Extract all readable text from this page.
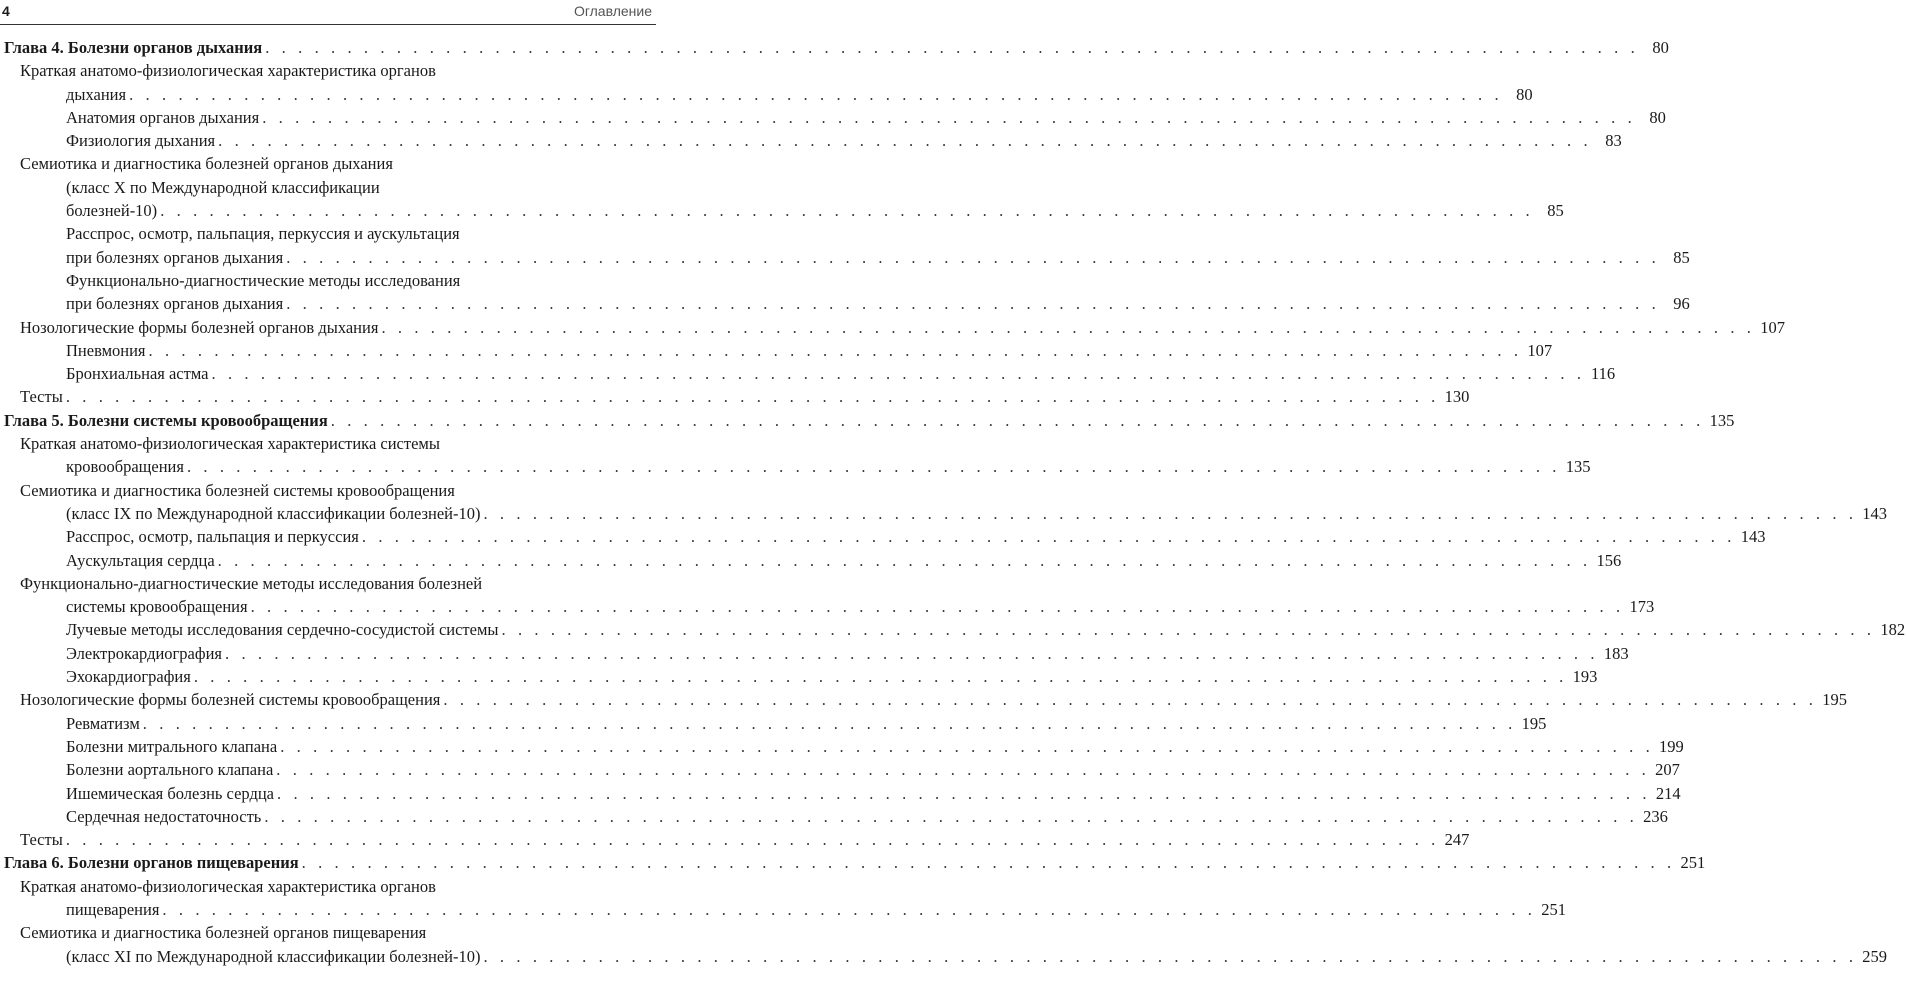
4	Оглавление
Глава 4. Болезни органов дыхания . . . . . . . . . . . . . . . . . . . . . . . . . . . . . . . . . . . . . . . . . . . . . . . . . . . . . . . . . . . . . . . . . . . . . . . . . . . . . . . . . . . . 80
Краткая анатомо-физиологическая характеристика органов
дыхания . . . . . . . . . . . . . . . . . . . . . . . . . . . . . . . . . . . . . . . . . . . . . . . . . . . . . . . . . . . . . . . . . . . . . . . . . . . . . . . . . . . . 80
Анатомия органов дыхания . . . . . . . . . . . . . . . . . . . . . . . . . . . . . . . . . . . . . . . . . . . . . . . . . . . . . . . . . . . . . . . . . . . . . . . . . . . . . . . . . . . . 80
Физиология дыхания . . . . . . . . . . . . . . . . . . . . . . . . . . . . . . . . . . . . . . . . . . . . . . . . . . . . . . . . . . . . . . . . . . . . . . . . . . . . . . . . . . . . 83
Семиотика и диагностика болезней органов дыхания
(класс X по Международной классификации
болезней-10) . . . . . . . . . . . . . . . . . . . . . . . . . . . . . . . . . . . . . . . . . . . . . . . . . . . . . . . . . . . . . . . . . . . . . . . . . . . . . . . . . . . . 85
Расспрос, осмотр, пальпация, перкуссия и аускультация
при болезнях органов дыхания . . . . . . . . . . . . . . . . . . . . . . . . . . . . . . . . . . . . . . . . . . . . . . . . . . . . . . . . . . . . . . . . . . . . . . . . . . . . . . . . . . . . 85
Функционально-диагностические методы исследования
при болезнях органов дыхания . . . . . . . . . . . . . . . . . . . . . . . . . . . . . . . . . . . . . . . . . . . . . . . . . . . . . . . . . . . . . . . . . . . . . . . . . . . . . . . . . . . . 96
Нозологические формы болезней органов дыхания . . . . . . . . . . . . . . . . . . . . . . . . . . . . . . . . . . . . . . . . . . . . . . . . . . . . . . . . . . . . . . . . . . . . . . . . . . . . . . . . . . . . 107
Пневмония . . . . . . . . . . . . . . . . . . . . . . . . . . . . . . . . . . . . . . . . . . . . . . . . . . . . . . . . . . . . . . . . . . . . . . . . . . . . . . . . . . . . 107
Бронхиальная астма . . . . . . . . . . . . . . . . . . . . . . . . . . . . . . . . . . . . . . . . . . . . . . . . . . . . . . . . . . . . . . . . . . . . . . . . . . . . . . . . . . . . 116
Тесты . . . . . . . . . . . . . . . . . . . . . . . . . . . . . . . . . . . . . . . . . . . . . . . . . . . . . . . . . . . . . . . . . . . . . . . . . . . . . . . . . . . . 130
Глава 5. Болезни системы кровообращения . . . . . . . . . . . . . . . . . . . . . . . . . . . . . . . . . . . . . . . . . . . . . . . . . . . . . . . . . . . . . . . . . . . . . . . . . . . . . . . . . . . . 135
Краткая анатомо-физиологическая характеристика системы
кровообращения . . . . . . . . . . . . . . . . . . . . . . . . . . . . . . . . . . . . . . . . . . . . . . . . . . . . . . . . . . . . . . . . . . . . . . . . . . . . . . . . . . . . 135
Семиотика и диагностика болезней системы кровообращения
(класс IX по Международной классификации болезней-10) . . . . . . . . . . . . . . . . . . . . . . . . . . . . . . . . . . . . . . . . . . . . . . . . . . . . . . . . . . . . . . . . . . . . . . . . . . . . . . . . . . . . 143
Расспрос, осмотр, пальпация и перкуссия . . . . . . . . . . . . . . . . . . . . . . . . . . . . . . . . . . . . . . . . . . . . . . . . . . . . . . . . . . . . . . . . . . . . . . . . . . . . . . . . . . . . 143
Аускультация сердца . . . . . . . . . . . . . . . . . . . . . . . . . . . . . . . . . . . . . . . . . . . . . . . . . . . . . . . . . . . . . . . . . . . . . . . . . . . . . . . . . . . . 156
Функционально-диагностические методы исследования болезней
системы кровообращения . . . . . . . . . . . . . . . . . . . . . . . . . . . . . . . . . . . . . . . . . . . . . . . . . . . . . . . . . . . . . . . . . . . . . . . . . . . . . . . . . . . . 173
Лучевые методы исследования сердечно-сосудистой системы . . . . . . . . . . . . . . . . . . . . . . . . . . . . . . . . . . . . . . . . . . . . . . . . . . . . . . . . . . . . . . . . . . . . . . . . . . . . . . . . . . . . 182
Электрокардиография . . . . . . . . . . . . . . . . . . . . . . . . . . . . . . . . . . . . . . . . . . . . . . . . . . . . . . . . . . . . . . . . . . . . . . . . . . . . . . . . . . . . 183
Эхокардиография . . . . . . . . . . . . . . . . . . . . . . . . . . . . . . . . . . . . . . . . . . . . . . . . . . . . . . . . . . . . . . . . . . . . . . . . . . . . . . . . . . . . 193
Нозологические формы болезней системы кровообращения . . . . . . . . . . . . . . . . . . . . . . . . . . . . . . . . . . . . . . . . . . . . . . . . . . . . . . . . . . . . . . . . . . . . . . . . . . . . . . . . . . . . 195
Ревматизм . . . . . . . . . . . . . . . . . . . . . . . . . . . . . . . . . . . . . . . . . . . . . . . . . . . . . . . . . . . . . . . . . . . . . . . . . . . . . . . . . . . . 195
Болезни митрального клапана . . . . . . . . . . . . . . . . . . . . . . . . . . . . . . . . . . . . . . . . . . . . . . . . . . . . . . . . . . . . . . . . . . . . . . . . . . . . . . . . . . . . 199
Болезни аортального клапана . . . . . . . . . . . . . . . . . . . . . . . . . . . . . . . . . . . . . . . . . . . . . . . . . . . . . . . . . . . . . . . . . . . . . . . . . . . . . . . . . . . . 207
Ишемическая болезнь сердца . . . . . . . . . . . . . . . . . . . . . . . . . . . . . . . . . . . . . . . . . . . . . . . . . . . . . . . . . . . . . . . . . . . . . . . . . . . . . . . . . . . . 214
Сердечная недостаточность . . . . . . . . . . . . . . . . . . . . . . . . . . . . . . . . . . . . . . . . . . . . . . . . . . . . . . . . . . . . . . . . . . . . . . . . . . . . . . . . . . . . 236
Тесты . . . . . . . . . . . . . . . . . . . . . . . . . . . . . . . . . . . . . . . . . . . . . . . . . . . . . . . . . . . . . . . . . . . . . . . . . . . . . . . . . . . . 247
Глава 6. Болезни органов пищеварения . . . . . . . . . . . . . . . . . . . . . . . . . . . . . . . . . . . . . . . . . . . . . . . . . . . . . . . . . . . . . . . . . . . . . . . . . . . . . . . . . . . . 251
Краткая анатомо-физиологическая характеристика органов
пищеварения . . . . . . . . . . . . . . . . . . . . . . . . . . . . . . . . . . . . . . . . . . . . . . . . . . . . . . . . . . . . . . . . . . . . . . . . . . . . . . . . . . . . 251
Семиотика и диагностика болезней органов пищеварения
(класс XI по Международной классификации болезней-10) . . . . . . . . . . . . . . . . . . . . . . . . . . . . . . . . . . . . . . . . . . . . . . . . . . . . . . . . . . . . . . . . . . . . . . . . . . . . . . . . . . . . 259
